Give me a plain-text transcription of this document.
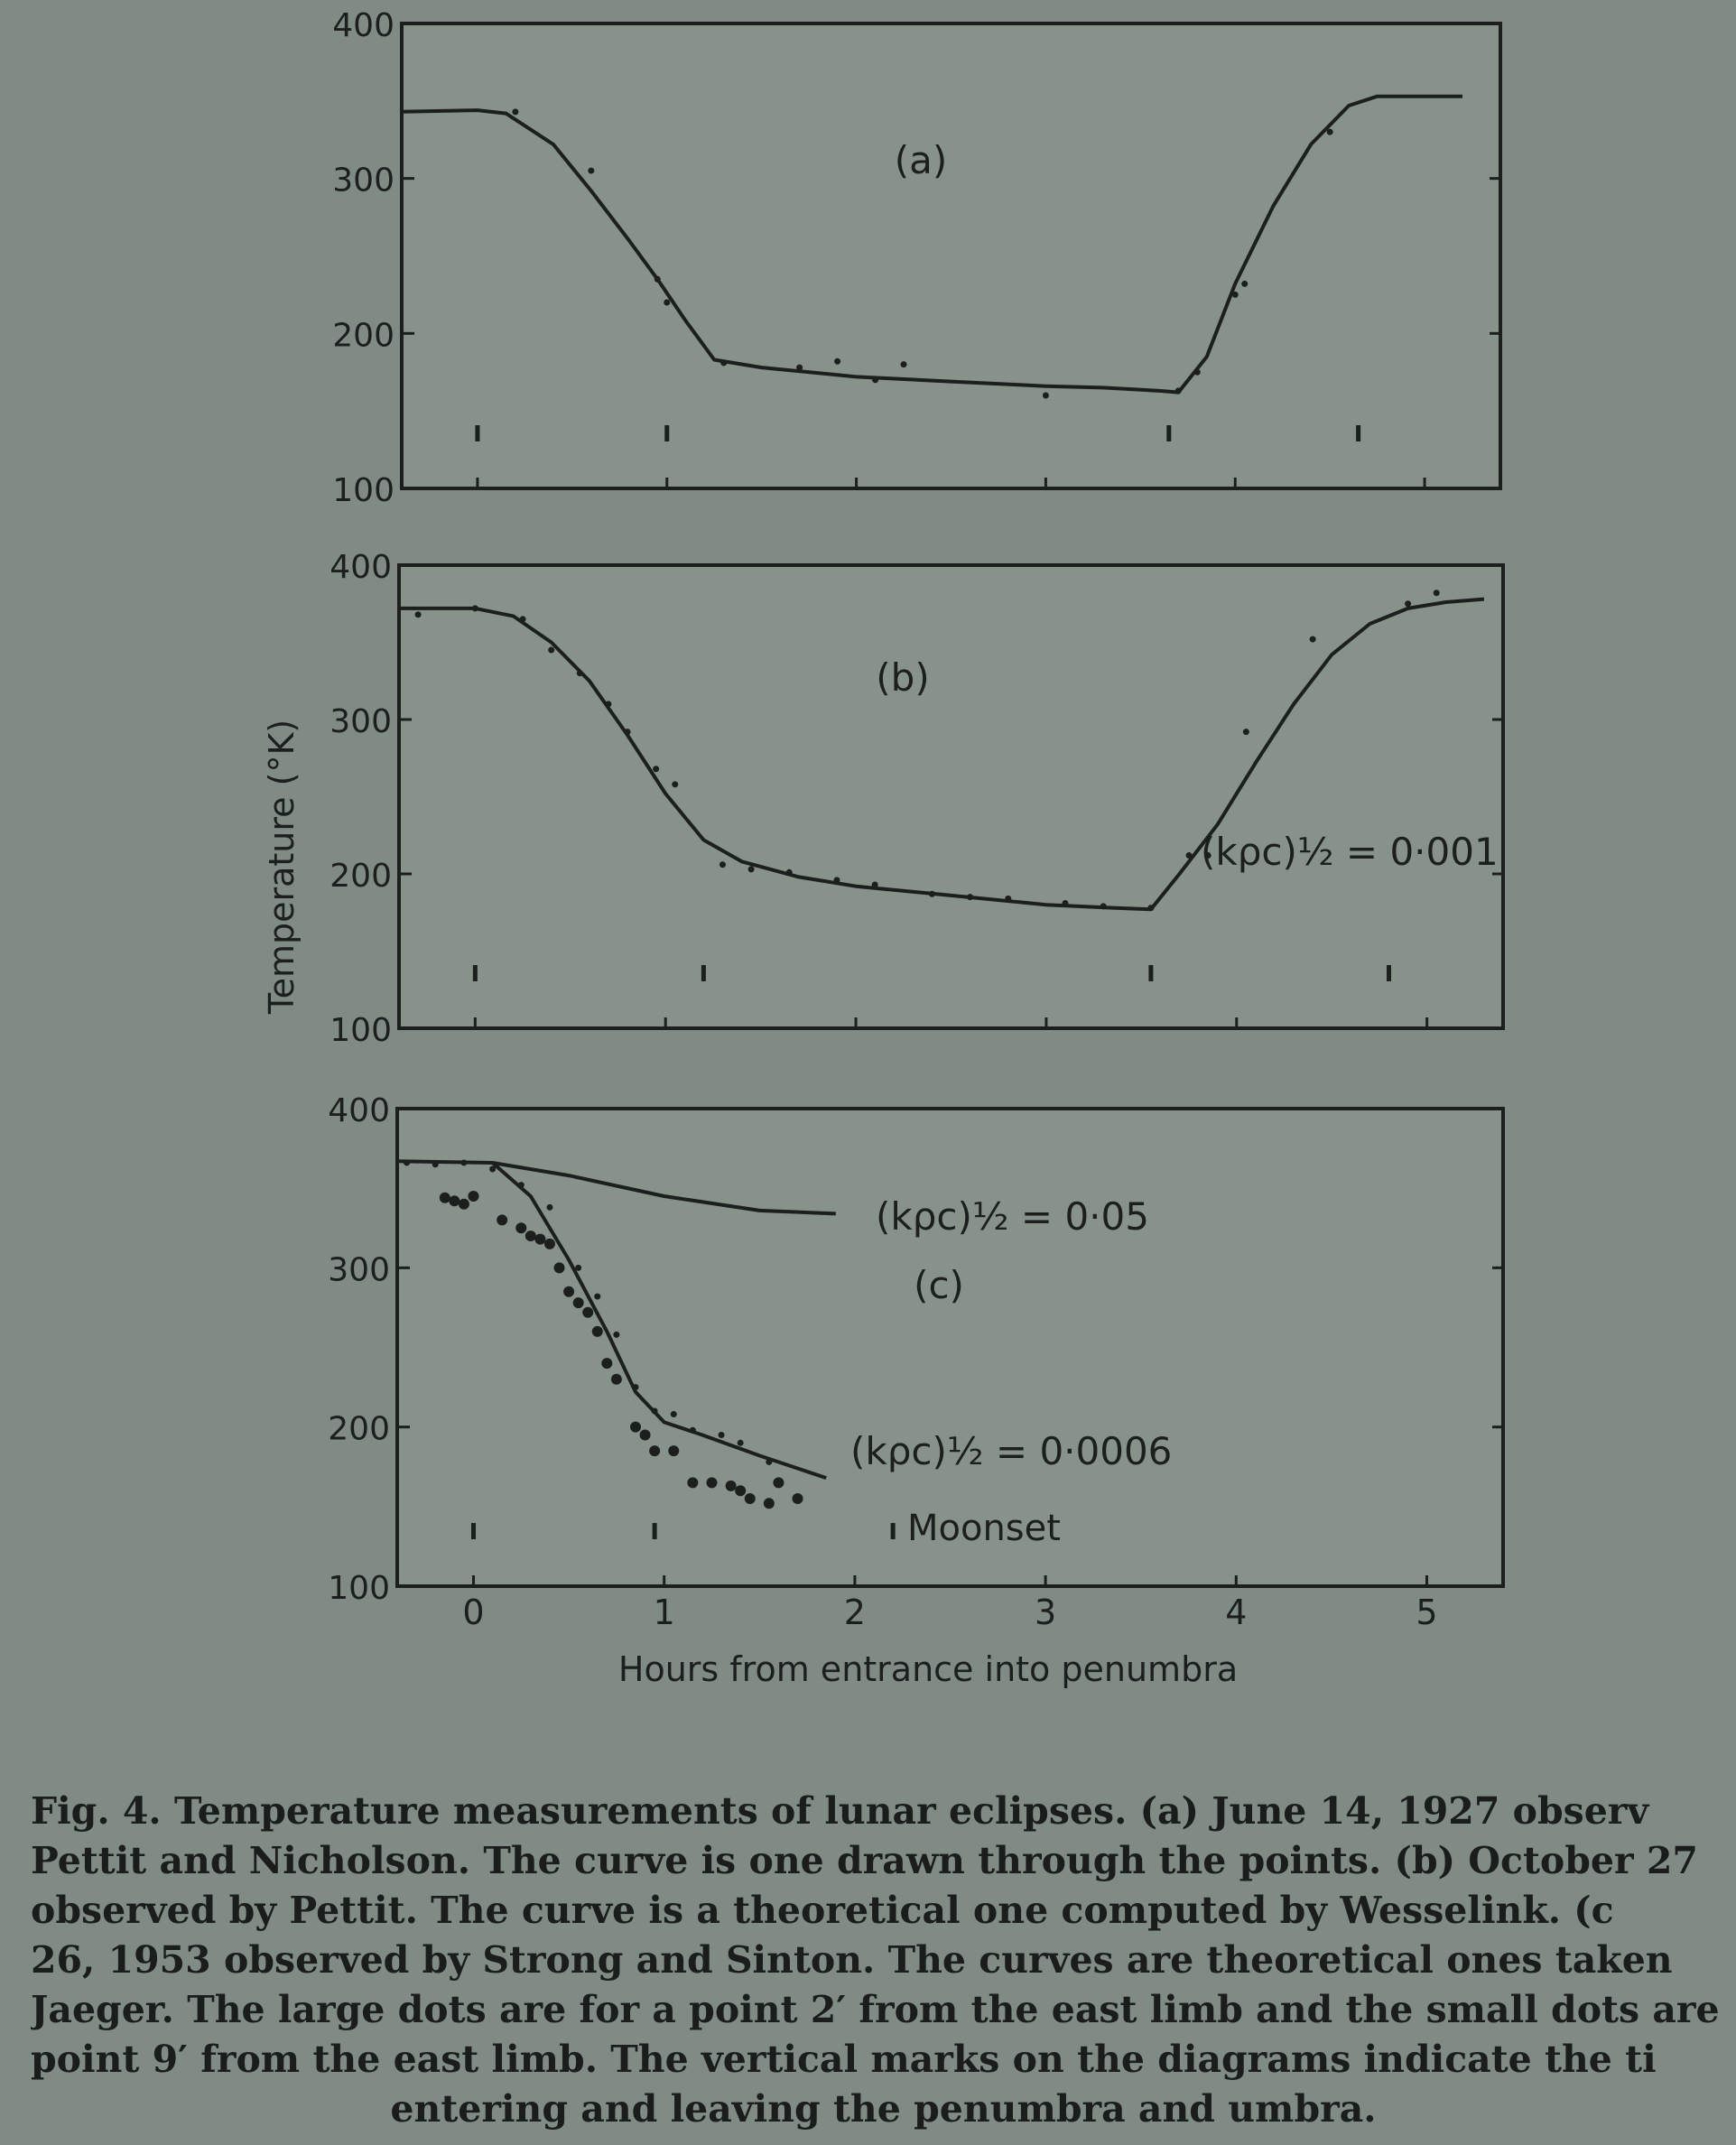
100
200
300
400
(a)
100
200
300
400
(b)
100
200
300
400
(c)
(kρc)½ = 0·001
(kρc)½ = 0·05
(kρc)½ = 0·0006
Moonset
0	1	2	3	4	5
Temperature (°K)
Hours from entrance into penumbra
Fig. 4. Temperature measurements of lunar eclipses. (a) June 14, 1927 observ
Pettit and Nicholson. The curve is one drawn through the points. (b) October 27
observed by Pettit. The curve is a theoretical one computed by Wesselink. (c
26, 1953 observed by Strong and Sinton. The curves are theoretical ones taken
Jaeger. The large dots are for a point 2′ from the east limb and the small dots are
point 9′ from the east limb. The vertical marks on the diagrams indicate the ti
entering and leaving the penumbra and umbra.
